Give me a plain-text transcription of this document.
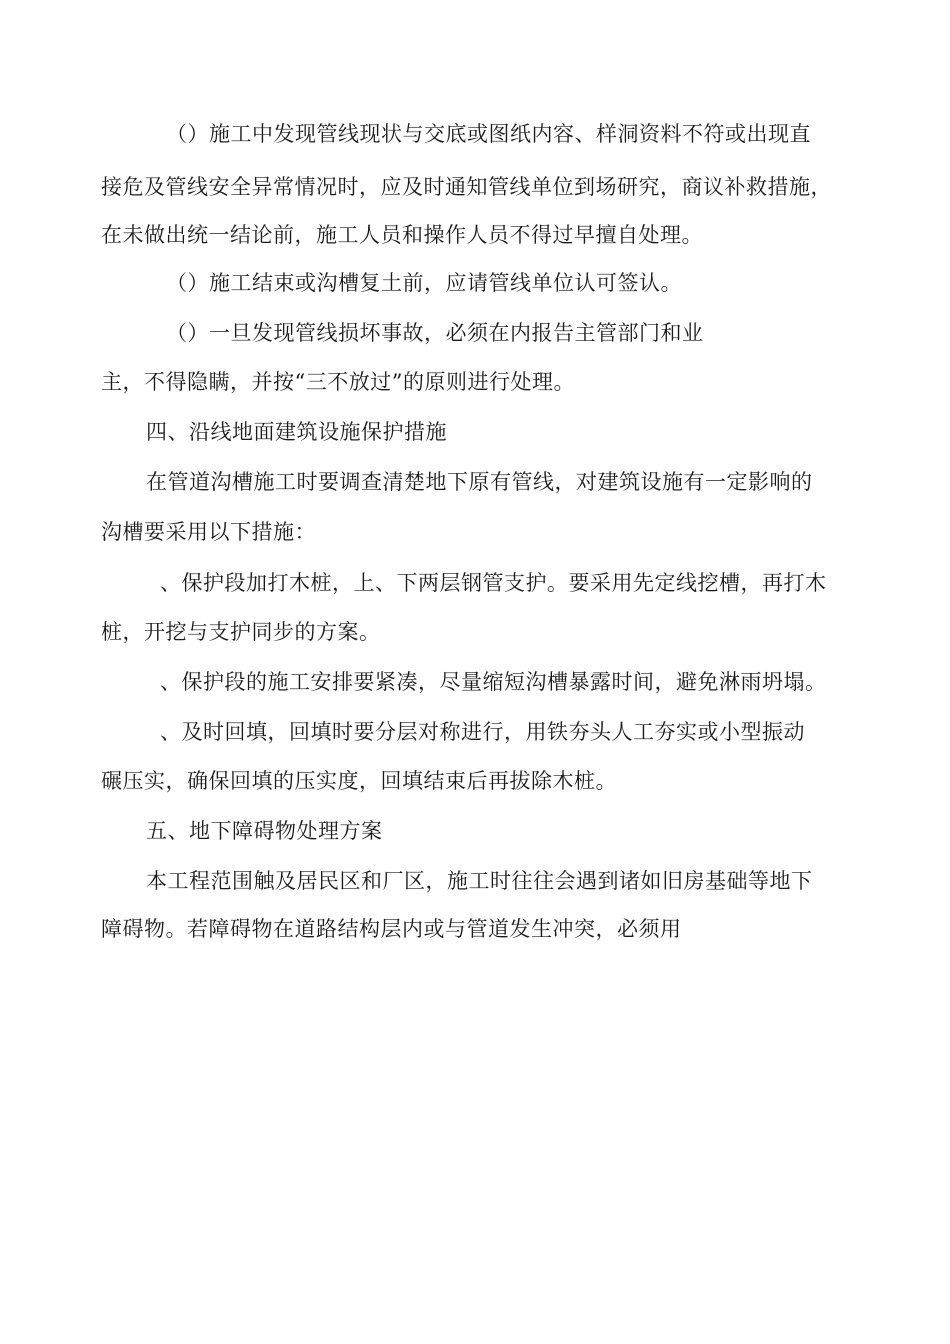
（）施工中发现管线现状与交底或图纸内容、样洞资料不符或出现直
接危及管线安全异常情况时，应及时通知管线单位到场研究，商议补救措施，
在未做出统一结论前，施工人员和操作人员不得过早擅自处理。
（）施工结束或沟槽复土前，应请管线单位认可签认。
（）一旦发现管线损坏事故，必须在内报告主管部门和业
主，不得隐瞒，并按“三不放过”的原则进行处理。
四、沿线地面建筑设施保护措施
在管道沟槽施工时要调查清楚地下原有管线，对建筑设施有一定影响的
沟槽要采用以下措施：
、保护段加打木桩，上、下两层钢管支护。要采用先定线挖槽，再打木
桩，开挖与支护同步的方案。
、保护段的施工安排要紧凑，尽量缩短沟槽暴露时间，避免淋雨坍塌。
、及时回填，回填时要分层对称进行，用铁夯头人工夯实或小型振动
碾压实，确保回填的压实度，回填结束后再拔除木桩。
五、地下障碍物处理方案
本工程范围触及居民区和厂区，施工时往往会遇到诸如旧房基础等地下
障碍物。若障碍物在道路结构层内或与管道发生冲突，必须用
